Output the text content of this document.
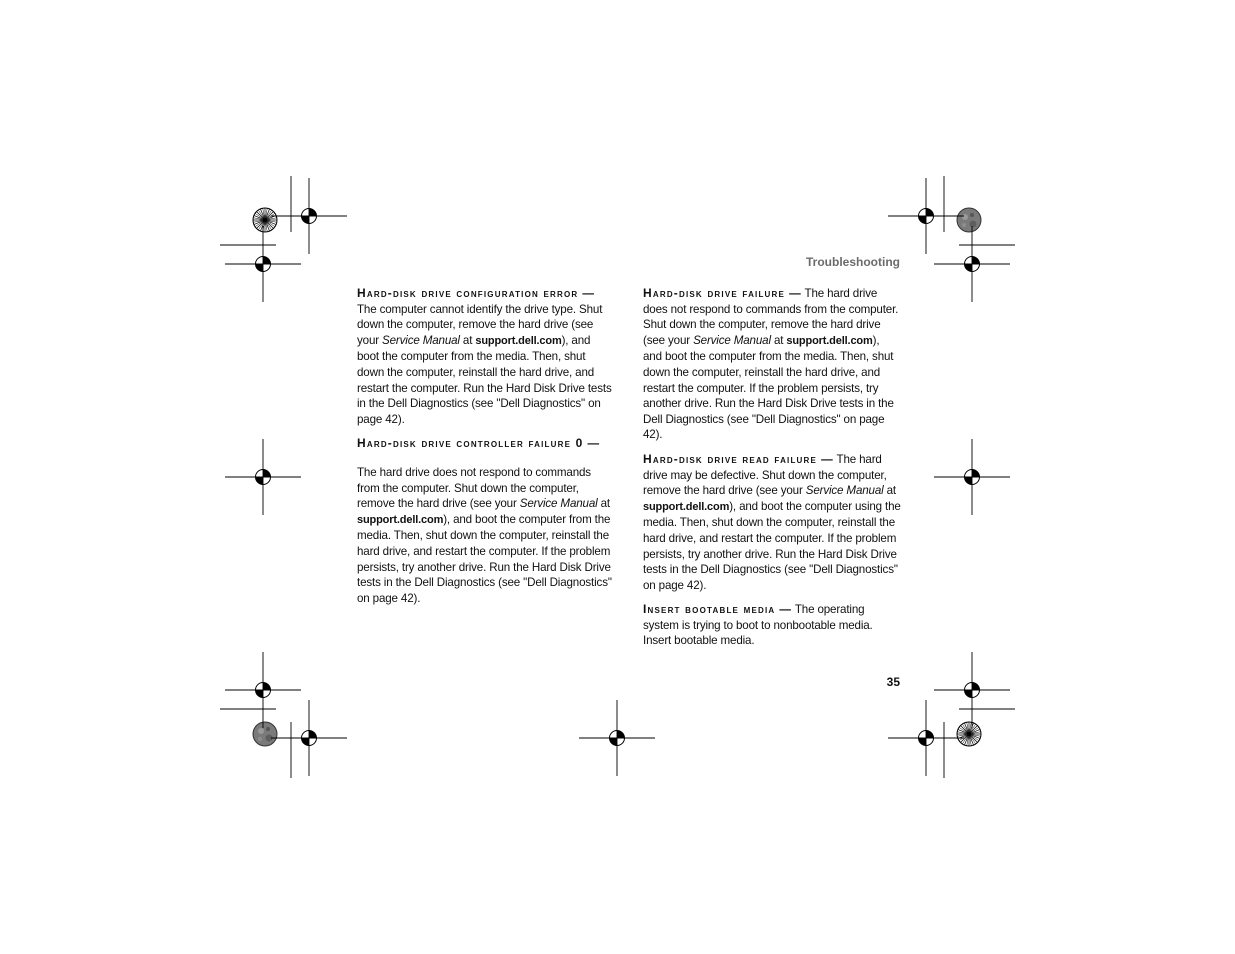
Troubleshooting

Hard-disk drive configuration error —The computer cannot identify the drive type. Shut down the computer, remove the hard drive (see your Service Manual at support.dell.com), and boot the computer from the media. Then, shut down the computer, reinstall the hard drive, and restart the computer. Run the Hard Disk Drive tests in the Dell Diagnostics (see "Dell Diagnostics" on page 42).

Hard-disk drive controller failure 0 —

The hard drive does not respond to commands from the computer. Shut down the computer, remove the hard drive (see your Service Manual at support.dell.com), and boot the computer from the media. Then, shut down the computer, reinstall the hard drive, and restart the computer. If the problem persists, try another drive. Run the Hard Disk Drive tests in the Dell Diagnostics (see "Dell Diagnostics" on page 42).

Hard-disk drive failure — The hard drive does not respond to commands from the computer. Shut down the computer, remove the hard drive (see your Service Manual at support.dell.com), and boot the computer from the media. Then, shut down the computer, reinstall the hard drive, and restart the computer. If the problem persists, try another drive. Run the Hard Disk Drive tests in the Dell Diagnostics (see "Dell Diagnostics" on page 42).

Hard-disk drive read failure — The hard drive may be defective. Shut down the computer, remove the hard drive (see your Service Manual at support.dell.com), and boot the computer using the media. Then, shut down the computer, reinstall the hard drive, and restart the computer. If the problem persists, try another drive. Run the Hard Disk Drive tests in the Dell Diagnostics (see "Dell Diagnostics" on page 42).

Insert bootable media — The operating system is trying to boot to nonbootable media. Insert bootable media.

35
